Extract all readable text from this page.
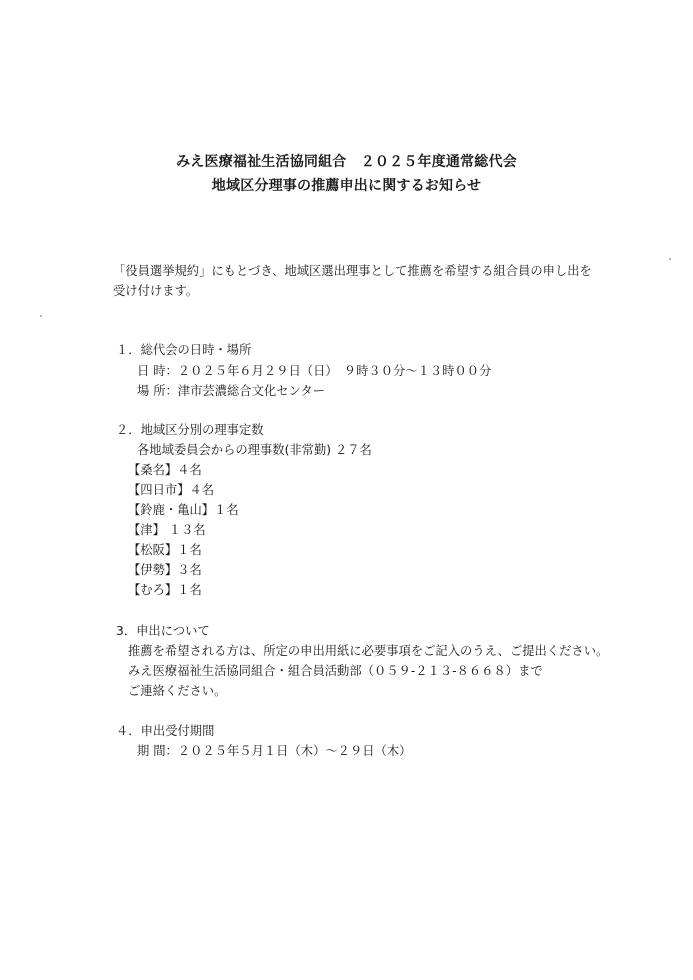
みえ医療福祉生活協同組合　２０２５年度通常総代会
地域区分理事の推薦申出に関するお知らせ
「役員選挙規約」にもとづき、地域区選出理事として推薦を希望する組合員の申し出を
受け付けます。
１．総代会の日時・場所
日 時：２０２５年６月２９日（日）　９時３０分～１３時００分
場 所：津市芸濃総合文化センター
２．地域区分別の理事定数
各地域委員会からの理事数(非常勤) ２７名
【桑名】４名
【四日市】４名
【鈴鹿・亀山】１名
【津】 １３名
【松阪】１名
【伊勢】３名
【むろ】１名
3．申出について
推薦を希望される方は、所定の申出用紙に必要事項をご記入のうえ、ご提出ください。
みえ医療福祉生活協同組合・組合員活動部（０５９-２１３-８６６８）まで
ご連絡ください。
４．申出受付期間
期 間：２０２５年５月１日（木）～２９日（木）
